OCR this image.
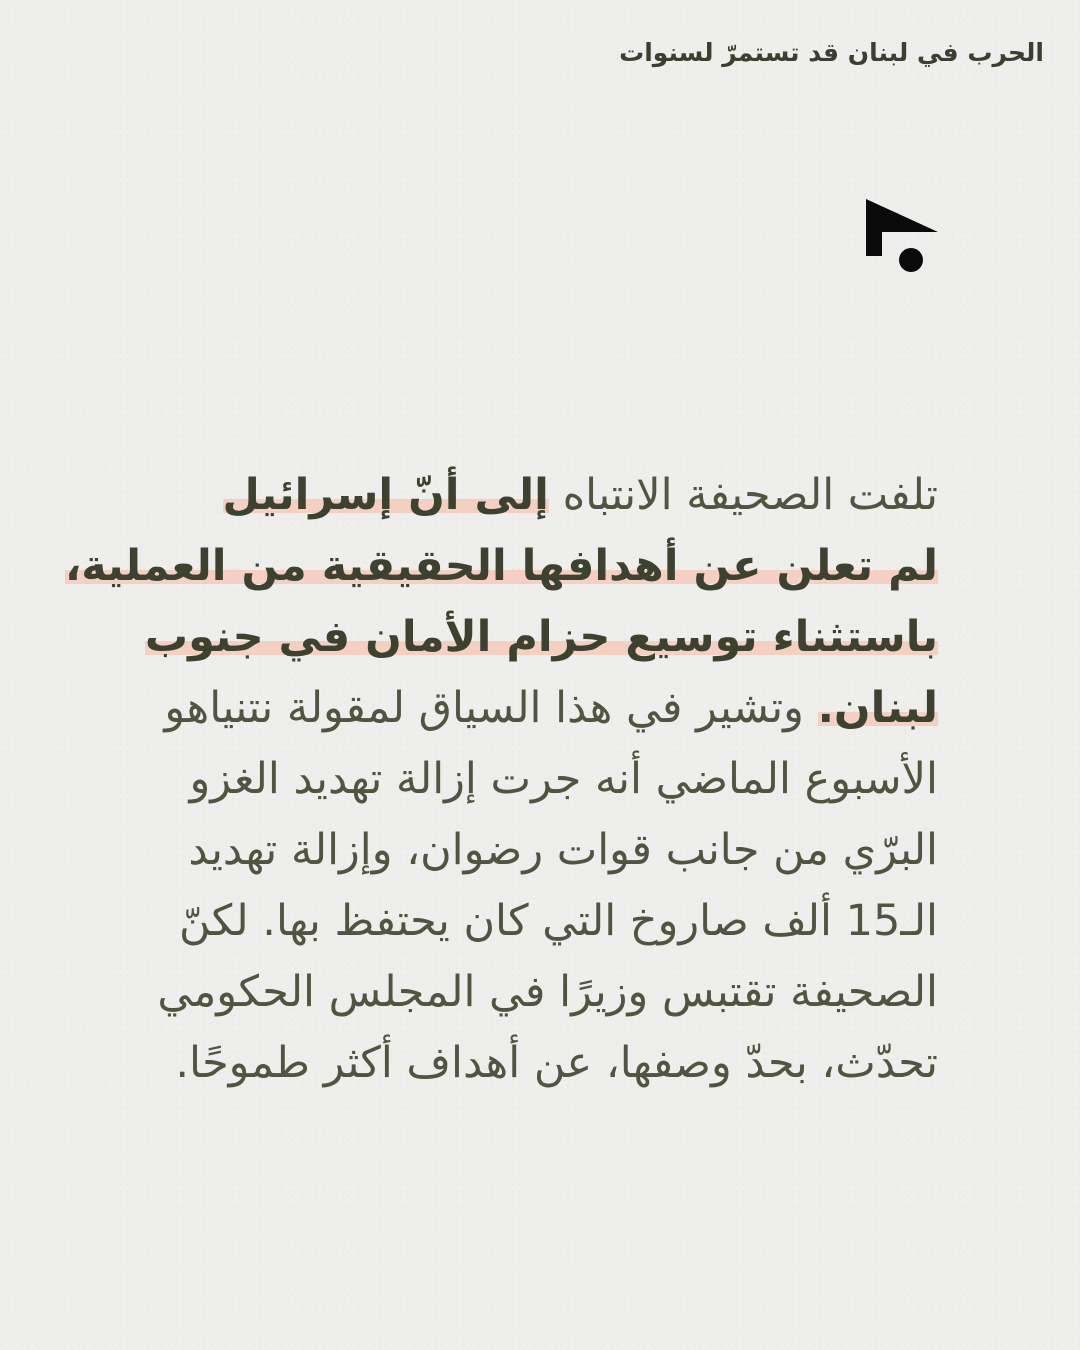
الحرب في لبنان قد تستمرّ لسنوات
تلفت الصحيفة الانتباه إلى أنّ إسرائيل
لم تعلن عن أهدافها الحقيقية من العملية،
باستثناء توسيع حزام الأمان في جنوب
لبنان. وتشير في هذا السياق لمقولة نتنياهو
الأسبوع الماضي أنه جرت إزالة تهديد الغزو
البرّي من جانب قوات رضوان، وإزالة تهديد
الـ15 ألف صاروخ التي كان يحتفظ بها. لكنّ
الصحيفة تقتبس وزيرًا في المجلس الحكومي
تحدّث، بحدّ وصفها، عن أهداف أكثر طموحًا.
